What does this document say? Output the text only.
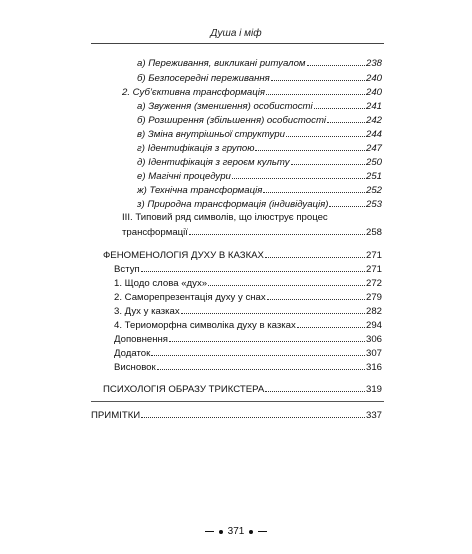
Душа і міф
а) Переживання, викликані ритуалом	238
б) Безпосередні переживання	240
2. Суб’єктивна трансформація	240
а) Звуження (зменшення) особистості	241
б) Розширення (збільшення) особистості	242
в) Зміна внутрішньої структури	244
г) Ідентифікація з групою	247
д) Ідентифікація з героєм культу	250
е) Магічні процедури	251
ж) Технічна трансформація	252
з) Природна трансформація (індивідуація)	253
III. Типовий ряд символів, що ілюструє процес
трансформації	258
ФЕНОМЕНОЛОГІЯ ДУХУ В КАЗКАХ	271
Вступ	271
1. Щодо слова «дух»	272
2. Саморепрезентація духу у снах	279
3. Дух у казках	282
4. Териоморфна символіка духу в казках	294
Доповнення	306
Додаток	307
Висновок	316
ПСИХОЛОГІЯ ОБРАЗУ ТРИКСТЕРА	319
ПРИМІТКИ	337
371
